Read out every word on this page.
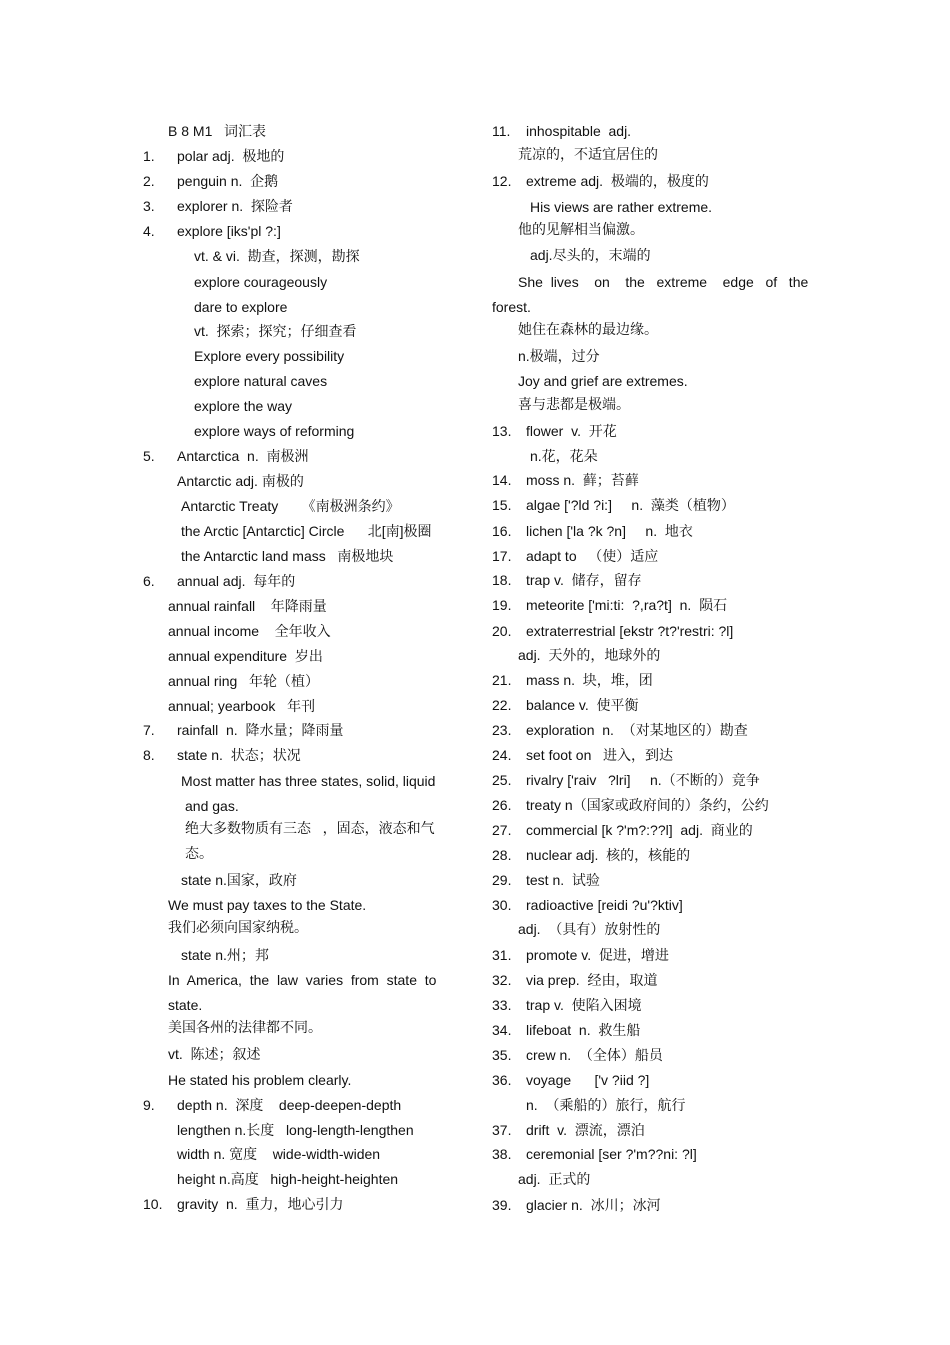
B 8 M1   词汇表
1. polar adj.  极地的
2. penguin n.  企鹅
3. explorer n.  探险者
4. explore [iks'pl ?:]
vt. & vi.  勘查，探测，勘探
explore courageously
dare to explore
vt.  探索；探究；仔细查看
Explore every possibility
explore natural caves
explore the way
explore ways of reforming
5. Antarctica  n.  南极洲
Antarctic adj. 南极的
Antarctic Treaty      《南极洲条约》
the Arctic [Antarctic] Circle      北[南]极圈
the Antarctic land mass   南极地块
6. annual adj.  每年的
annual rainfall    年降雨量
annual income    全年收入
annual expenditure  岁出
annual ring   年轮（植）
annual; yearbook   年刊
7. rainfall  n.  降水量；降雨量
8. state n.  状态；状况
Most matter has three states, solid, liquid
and gas.
绝大多数物质有三态   ，固态，液态和气
态。
state n.国家，政府
We must pay taxes to the State.
我们必须向国家纳税。
state n.州；邦
In  America,  the  law  varies  from  state  to
state.
美国各州的法律都不同。
vt.  陈述；叙述
He stated his problem clearly.
9. depth n.  深度    deep-deepen-depth
lengthen n.长度   long-length-lengthen
width n. 宽度    wide-width-widen
height n.高度   high-height-heighten
10. gravity  n.  重力，地心引力
11. inhospitable  adj.
荒凉的，不适宜居住的
12. extreme adj.  极端的，极度的
His views are rather extreme.
他的见解相当偏激。
adj.尽头的，末端的
She  lives    on    the   extreme    edge   of   the
forest.
她住在森林的最边缘。
n.极端，过分
Joy and grief are extremes.
喜与悲都是极端。
13. flower  v.  开花
n.花，花朵
14. moss n.  藓；苔藓
15. algae ['?ld ?i:]     n.  藻类（植物）
16. lichen ['la ?k ?n]     n.  地衣
17. adapt to   （使）适应
18. trap v.  储存，留存
19. meteorite ['mi:ti:  ?,ra?t]  n.  陨石
20. extraterrestrial [ekstr ?t?'restri: ?l]
adj.  天外的，地球外的
21. mass n.  块，堆，团
22. balance v.  使平衡
23. exploration  n.  （对某地区的）勘查
24. set foot on   进入，到达
25. rivalry ['raiv   ?lri]     n.（不断的）竞争
26. treaty n（国家或政府间的）条约，公约
27. commercial [k ?'m?:??l]  adj.  商业的
28. nuclear adj.  核的，核能的
29. test n.  试验
30. radioactive [reidi ?u'?ktiv]
adj.  （具有）放射性的
31. promote v.  促进，增进
32. via prep.  经由，取道
33. trap v.  使陷入困境
34. lifeboat  n.  救生船
35. crew n.  （全体）船员
36. voyage      ['v ?iid ?]
n.  （乘船的）旅行，航行
37. drift  v.  漂流，漂泊
38. ceremonial [ser ?'m??ni: ?l]
adj.  正式的
39. glacier n.  冰川；冰河
